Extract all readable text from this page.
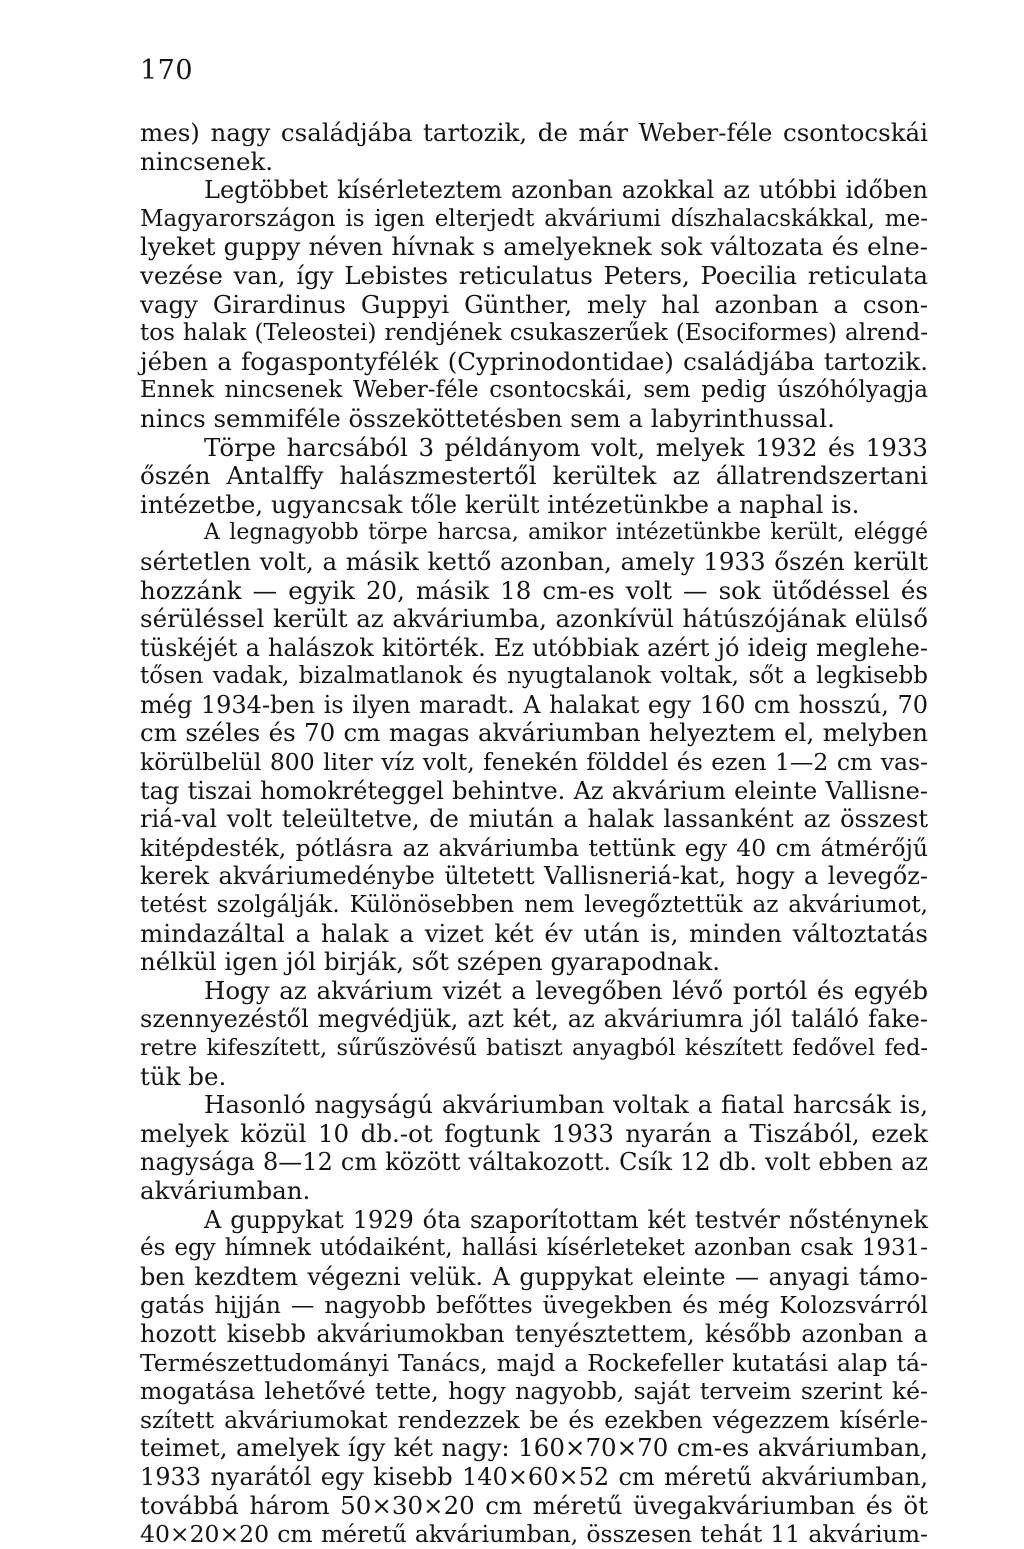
170
mes) nagy családjába tartozik, de már Weber-féle csontocskái
nincsenek.
Legtöbbet kísérleteztem azonban azokkal az utóbbi időben
Magyarországon is igen elterjedt akváriumi díszhalacskákkal, me-
lyeket guppy néven hívnak s amelyeknek sok változata és elne-
vezése van, így Lebistes reticulatus Peters, Poecilia reticulata
vagy Girardinus Guppyi Günther, mely hal azonban a cson-
tos halak (Teleostei) rendjének csukaszerűek (Esociformes) alrend-
jében a fogaspontyfélék (Cyprinodontidae) családjába tartozik.
Ennek nincsenek Weber-féle csontocskái, sem pedig úszóhólyagja
nincs semmiféle összeköttetésben sem a labyrinthussal.
Törpe harcsából 3 példányom volt, melyek 1932 és 1933
őszén Antalffy halászmestertől kerültek az állatrendszertani
intézetbe, ugyancsak tőle került intézetünkbe a naphal is.
A legnagyobb törpe harcsa, amikor intézetünkbe került, eléggé
sértetlen volt, a másik kettő azonban, amely 1933 őszén került
hozzánk — egyik 20, másik 18 cm-es volt — sok ütődéssel és
sérüléssel került az akváriumba, azonkívül hátúszójának elülső
tüskéjét a halászok kitörték. Ez utóbbiak azért jó ideig meglehe-
tősen vadak, bizalmatlanok és nyugtalanok voltak, sőt a legkisebb
még 1934-ben is ilyen maradt. A halakat egy 160 cm hosszú, 70
cm széles és 70 cm magas akváriumban helyeztem el, melyben
körülbelül 800 liter víz volt, fenekén földdel és ezen 1—2 cm vas-
tag tiszai homokréteggel behintve. Az akvárium eleinte Vallisne-
riá-val volt teleültetve, de miután a halak lassanként az összest
kitépdesték, pótlásra az akváriumba tettünk egy 40 cm átmérőjű
kerek akváriumedénybe ültetett Vallisneriá-kat, hogy a levegőz-
tetést szolgálják. Különösebben nem levegőztettük az akváriumot,
mindazáltal a halak a vizet két év után is, minden változtatás
nélkül igen jól birják, sőt szépen gyarapodnak.
Hogy az akvárium vizét a levegőben lévő portól és egyéb
szennyezéstől megvédjük, azt két, az akváriumra jól találó fake-
retre kifeszített, sűrűszövésű batiszt anyagból készített fedővel fed-
tük be.
Hasonló nagyságú akváriumban voltak a fiatal harcsák is,
melyek közül 10 db.-ot fogtunk 1933 nyarán a Tiszából, ezek
nagysága 8—12 cm között váltakozott. Csík 12 db. volt ebben az
akváriumban.
A guppykat 1929 óta szaporítottam két testvér nősténynek
és egy hímnek utódaiként, hallási kísérleteket azonban csak 1931-
ben kezdtem végezni velük. A guppykat eleinte — anyagi támo-
gatás hijján — nagyobb befőttes üvegekben és még Kolozsvárról
hozott kisebb akváriumokban tenyésztettem, később azonban a
Természettudományi Tanács, majd a Rockefeller kutatási alap tá-
mogatása lehetővé tette, hogy nagyobb, saját terveim szerint ké-
szített akváriumokat rendezzek be és ezekben végezzem kísérle-
teimet, amelyek így két nagy: 160×70×70 cm-es akváriumban,
1933 nyarától egy kisebb 140×60×52 cm méretű akváriumban,
továbbá három 50×30×20 cm méretű üvegakváriumban és öt
40×20×20 cm méretű akváriumban, összesen tehát 11 akvárium-
